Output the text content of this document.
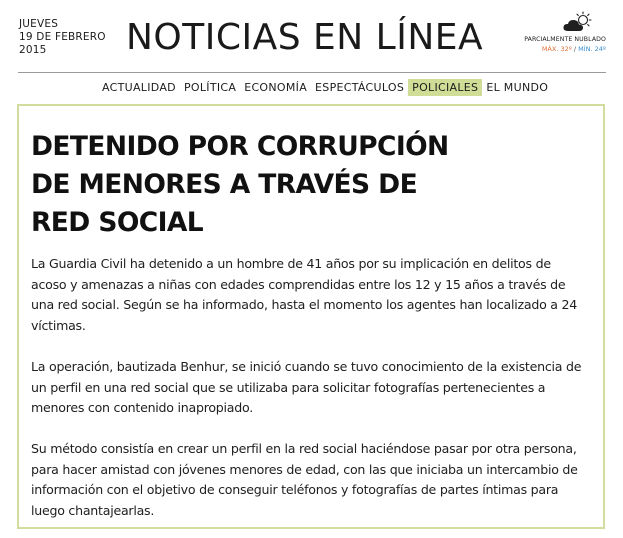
JUEVES
19 DE FEBRERO
2015	NOTICIAS EN LÍNEA	PARCIALMENTE NUBLADO
MÁX. 32º / MÍN. 24º
ACTUALIDAD POLÍTICA ECONOMÍA ESPECTÁCULOS POLICIALES EL MUNDO
DETENIDO POR CORRUPCIÓN
DE MENORES A TRAVÉS DE
RED SOCIAL

La Guardia Civil ha detenido a un hombre de 41 años por su implicación en delitos de acoso y amenazas a niñas con edades comprendidas entre los 12 y 15 años a través de una red social. Según se ha informado, hasta el momento los agentes han localizado a 24 víctimas.

La operación, bautizada Benhur, se inició cuando se tuvo conocimiento de la existencia de un perfil en una red social que se utilizaba para solicitar fotografías pertenecientes a menores con contenido inapropiado.

Su método consistía en crear un perfil en la red social haciéndose pasar por otra persona, para hacer amistad con jóvenes menores de edad, con las que iniciaba un intercambio de información con el objetivo de conseguir teléfonos y fotografías de partes íntimas para luego chantajearlas.
